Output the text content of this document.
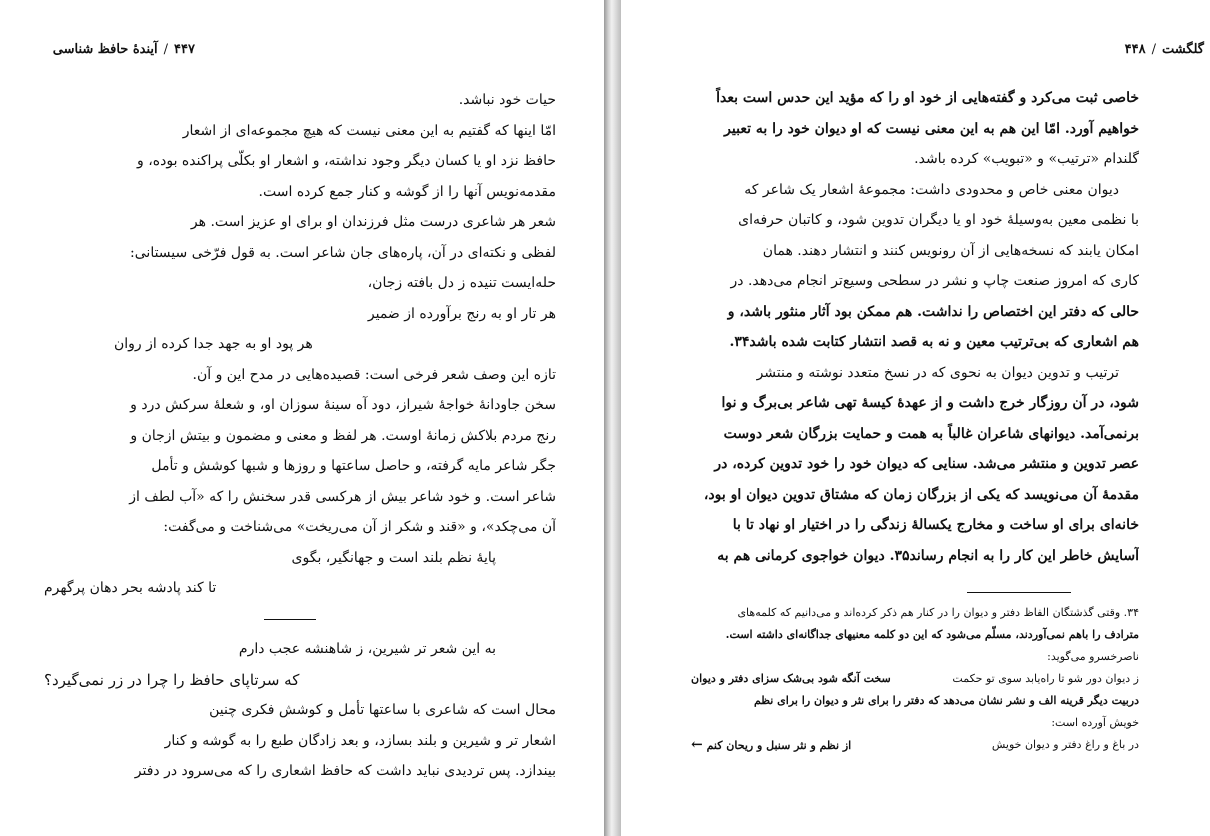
۴۴۷
/
آیندهٔ حافظ شناسی
حیات خود نباشد.
امّا اینها که گفتیم به این معنی نیست که هیچ مجموعه‌ای از اشعار
حافظ نزد او یا کسان دیگر وجود نداشته، و اشعار او بکلّی پراکنده بوده، و
مقدمه‌نویس آنها را از گوشه و کنار جمع کرده است.
شعر هر شاعری درست مثل فرزندان او برای او عزیز است. هر
لفظی و نکته‌ای در آن، پاره‌های جان شاعر است. به قول فرّخی سیستانی:
حله‌ایست تنیده ز دل بافته زجان،
هر تار او به رنج برآورده از ضمیر
هر پود او به جهد جدا کرده از روان
تازه این وصف شعر فرخی است: قصیده‌هایی در مدح این و آن.
سخن جاودانهٔ خواجهٔ شیراز، دود آه سینهٔ سوزان او، و شعلهٔ سرکش درد و
رنج مردم بلاکش زمانهٔ اوست. هر لفظ و معنی و مضمون و بیتش ازجان و
جگر شاعر مایه گرفته، و حاصل ساعتها و روزها و شبها کوشش و تأمل
شاعر است. و خود شاعر بیش از هرکسی قدر سخنش را که «آب لطف از
آن می‌چکد»، و «قند و شکر از آن می‌ریخت» می‌شناخت و می‌گفت:
پایهٔ نظم بلند است و جهانگیر، بگوی
تا کند پادشه بحر دهان پرگهرم
به این شعر تر شیرین، ز شاهنشه عجب دارم
که سرتاپای حافظ را چرا در زر نمی‌گیرد؟
محال است که شاعری با ساعتها تأمل و کوشش فکری چنین
اشعار تر و شیرین و بلند بسازد، و بعد زادگان طبع را به گوشه و کنار
بیندازد. پس تردیدی نباید داشت که حافظ اشعاری را که می‌سرود در دفتر
گلگشت
/
۴۴۸
خاصی ثبت می‌کرد و گفته‌هایی از خود او را که مؤید این حدس است بعداً
خواهیم آورد. امّا این هم به این معنی نیست که او دیوان خود را به تعبیر
گلندام «ترتیب» و «تبویب» کرده باشد.
دیوان معنی خاص و محدودی داشت: مجموعهٔ اشعار یک شاعر که
با نظمی معین به‌وسیلهٔ خود او یا دیگران تدوین شود، و کاتبان حرفه‌ای
امکان یابند که نسخه‌هایی از آن رونویس کنند و انتشار دهند. همان
کاری که امروز صنعت چاپ و نشر در سطحی وسیع‌تر انجام می‌دهد. در
حالی که دفتر این اختصاص را نداشت. هم ممکن بود آثار منثور باشد، و
هم اشعاری که بی‌ترتیب معین و نه به قصد انتشار کتابت شده باشد۳۴.
ترتیب و تدوین دیوان به نحوی که در نسخ متعدد نوشته و منتشر
شود، در آن روزگار خرج داشت و از عهدهٔ کیسهٔ تهی شاعر بی‌برگ و نوا
برنمی‌آمد. دیوانهای شاعران غالباً به همت و حمایت بزرگان شعر دوست
عصر تدوین و منتشر می‌شد. سنایی که دیوان خود را خود تدوین کرده، در
مقدمهٔ آن می‌نویسد که یکی از بزرگان زمان که مشتاق تدوین دیوان او بود،
خانه‌ای برای او ساخت و مخارج یکسالهٔ زندگی را در اختیار او نهاد تا با
آسایش خاطر این کار را به انجام رساند۳۵. دیوان خواجوی کرمانی هم به
۳۴. وقتی گذشتگان الفاظ دفتر و دیوان را در کنار هم ذکر کرده‌اند و می‌دانیم که کلمه‌های
مترادف را باهم نمی‌آوردند، مسلّم می‌شود که این دو کلمه معنیهای جداگانه‌ای داشته است.
ناصرخسرو می‌گوید:
ز دیوان دور شو تا راه‌یابد سوی تو حکمت
سخت آنگه شود بی‌شک سزای دفتر و دیوان
دربیت دیگر قرینه الف و نشر نشان می‌دهد که دفتر را برای نثر و دیوان را برای نظم
خویش آورده است:
در باغ و راغ دفتر و دیوان خویش
از نظم و نثر سنبل و ریحان کنم ←
